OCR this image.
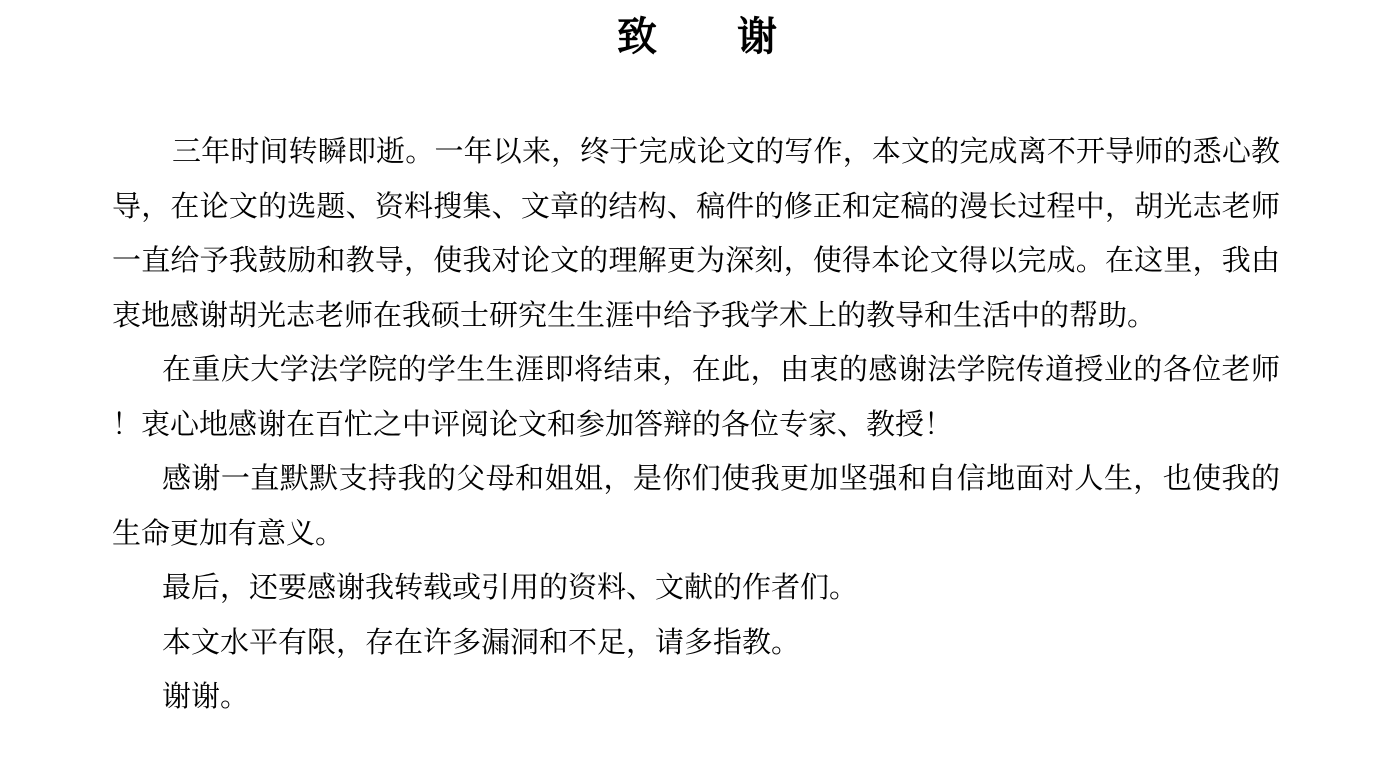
致　　谢

三年时间转瞬即逝。一年以来，终于完成论文的写作，本文的完成离不开导师的悉心教导，在论文的选题、资料搜集、文章的结构、稿件的修正和定稿的漫长过程中，胡光志老师一直给予我鼓励和教导，使我对论文的理解更为深刻，使得本论文得以完成。在这里，我由衷地感谢胡光志老师在我硕士研究生生涯中给予我学术上的教导和生活中的帮助。

在重庆大学法学院的学生生涯即将结束，在此，由衷的感谢法学院传道授业的各位老师！衷心地感谢在百忙之中评阅论文和参加答辩的各位专家、教授！

感谢一直默默支持我的父母和姐姐，是你们使我更加坚强和自信地面对人生，也使我的生命更加有意义。

最后，还要感谢我转载或引用的资料、文献的作者们。

本文水平有限，存在许多漏洞和不足，请多指教。

谢谢。
